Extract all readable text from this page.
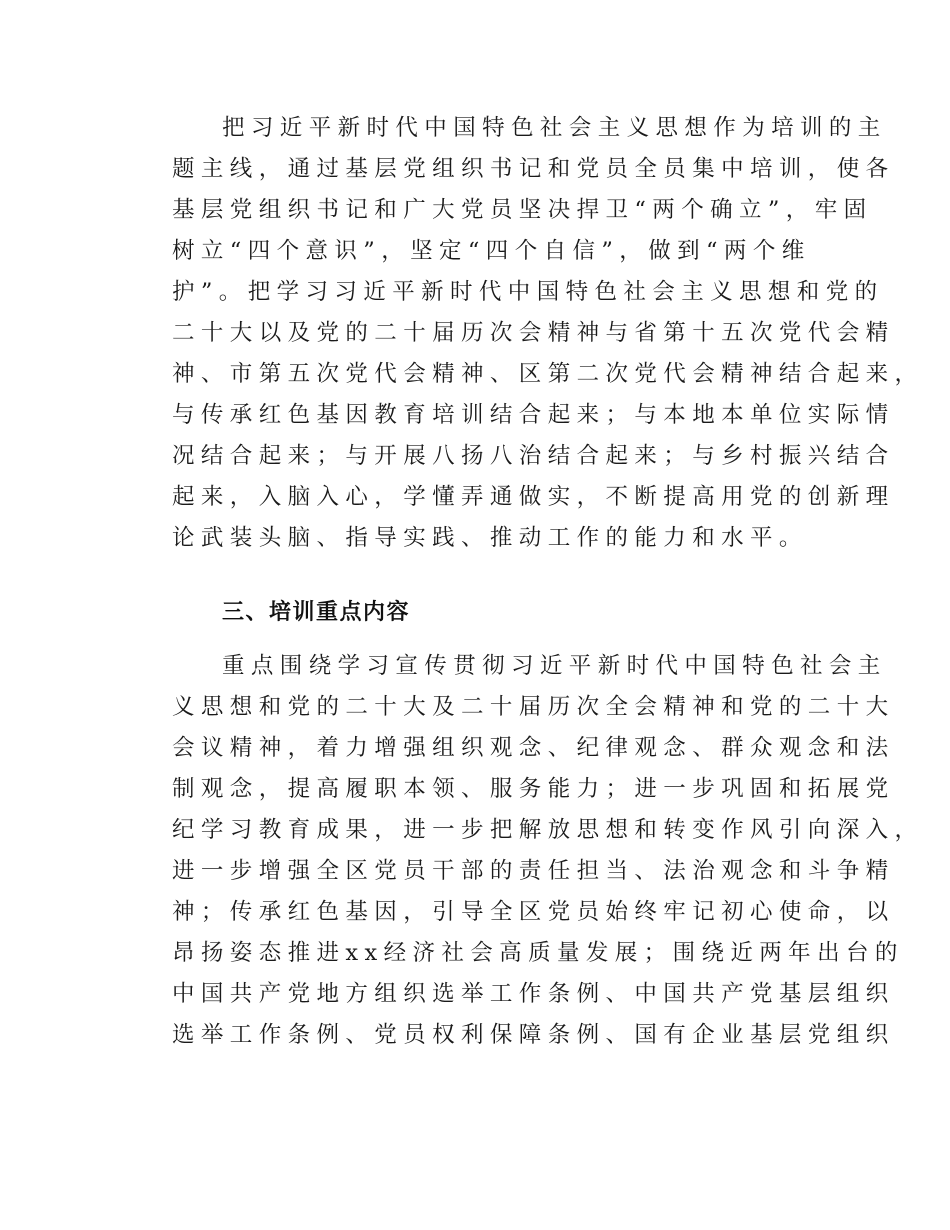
把习近平新时代中国特色社会主义思想作为培训的主
题主线，通过基层党组织书记和党员全员集中培训，使各
基层党组织书记和广大党员坚决捍卫“两个确立”，牢固
树立“四个意识”，坚定“四个自信”，做到“两个维
护”。把学习习近平新时代中国特色社会主义思想和党的
二十大以及党的二十届历次会精神与省第十五次党代会精
神、市第五次党代会精神、区第二次党代会精神结合起来，
与传承红色基因教育培训结合起来；与本地本单位实际情
况结合起来；与开展八扬八治结合起来；与乡村振兴结合
起来，入脑入心，学懂弄通做实，不断提高用党的创新理
论武装头脑、指导实践、推动工作的能力和水平。
三、培训重点内容
重点围绕学习宣传贯彻习近平新时代中国特色社会主
义思想和党的二十大及二十届历次全会精神和党的二十大
会议精神，着力增强组织观念、纪律观念、群众观念和法
制观念，提高履职本领、服务能力；进一步巩固和拓展党
纪学习教育成果，进一步把解放思想和转变作风引向深入，
进一步增强全区党员干部的责任担当、法治观念和斗争精
神；传承红色基因，引导全区党员始终牢记初心使命，以
昂扬姿态推进xx经济社会高质量发展；围绕近两年出台的
中国共产党地方组织选举工作条例、中国共产党基层组织
选举工作条例、党员权利保障条例、国有企业基层党组织
